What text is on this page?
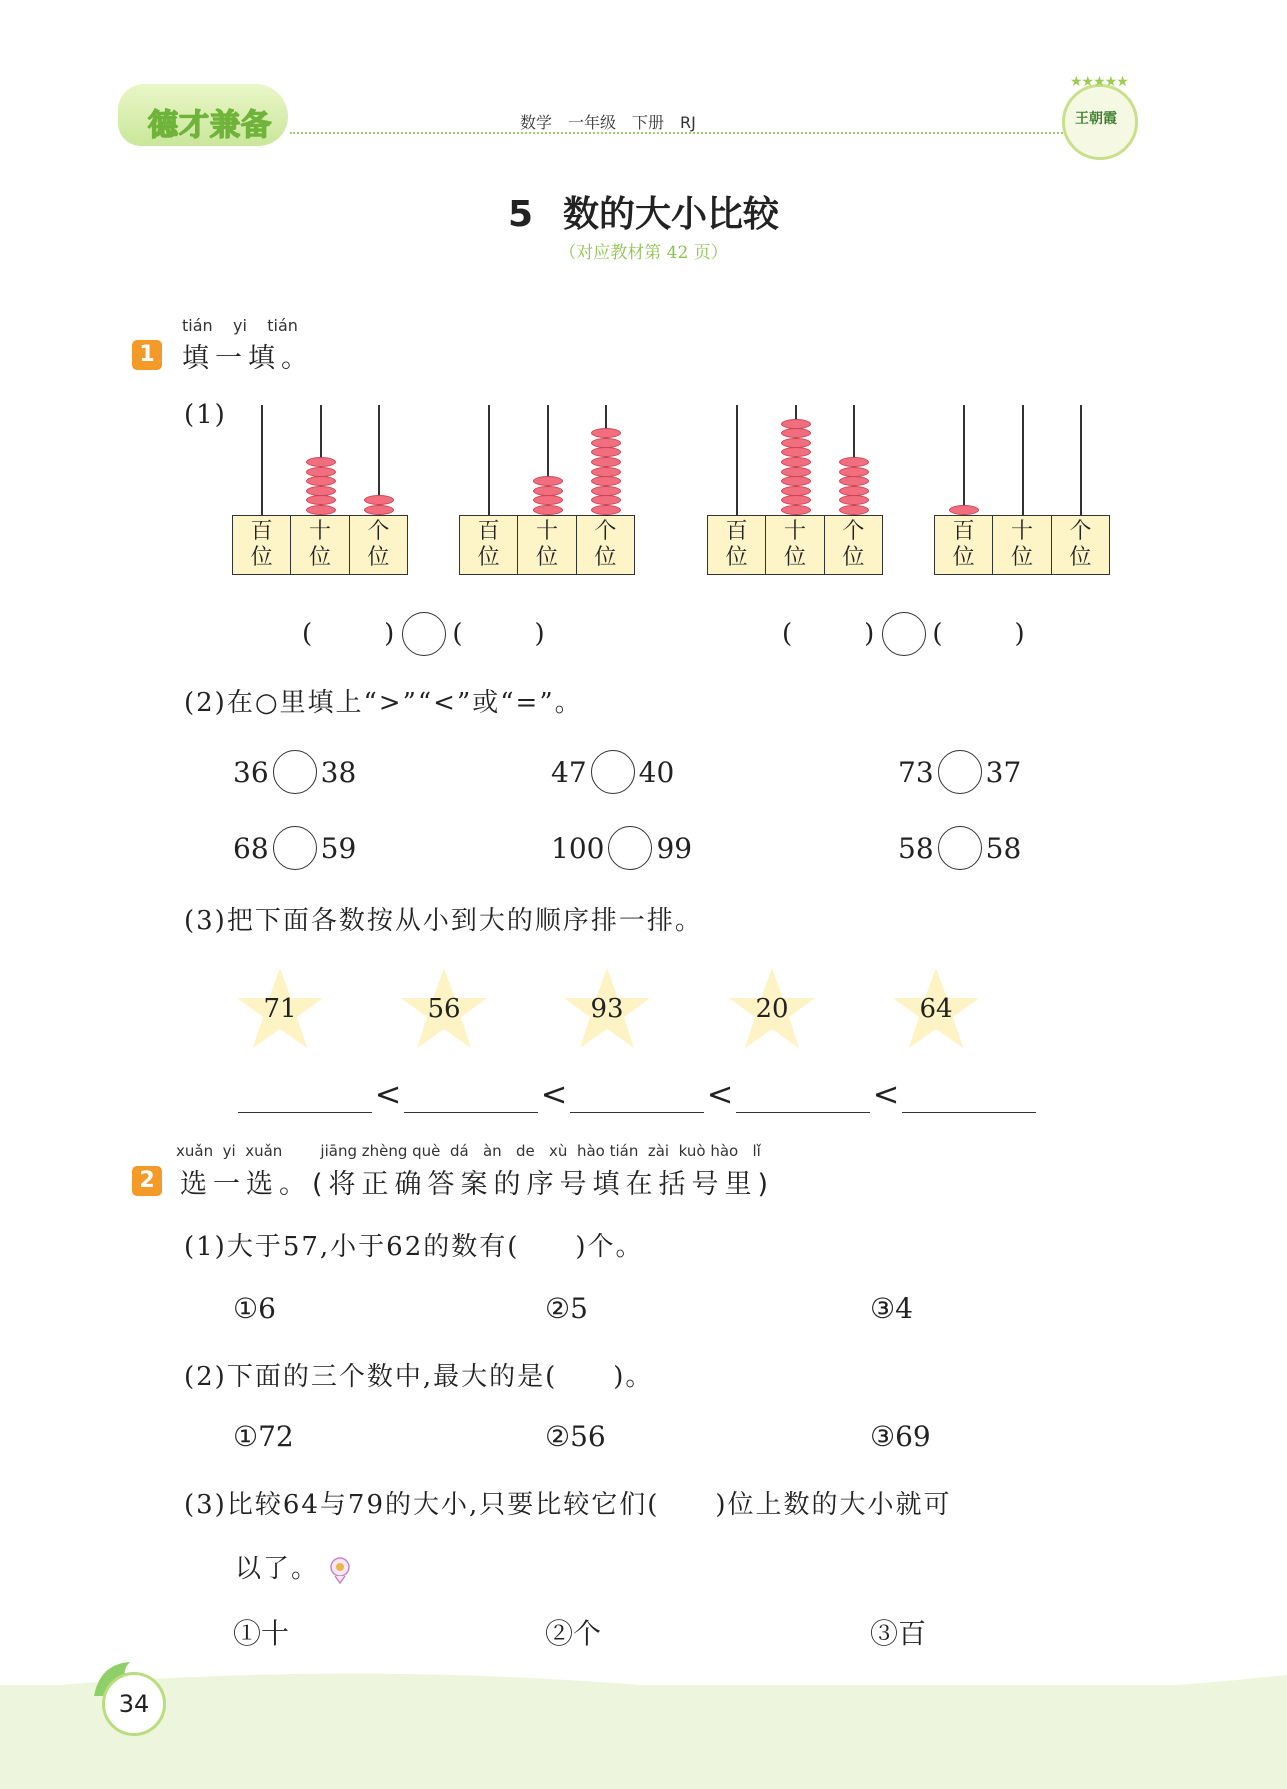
德才兼备	数学　一年级　下册　RJ
★★★★★
王朝霞
5 数的大小比较
（对应教材第 42 页）
tián yi tián
1 填一填。
(1)
百
位
十
位
个
位
百
位
十
位
个
位
百
位
十
位
个
位
百
位
十
位
个
位
(	) (	)	(	) (	)
(2)在○里填上“>”“<”或“=”。
36 38	47 40	73 37
68 59	100 99	58 58
(3)把下面各数按从小到大的顺序排一排。
71	56	93	20	64
<	<	<	<
xuǎn  yi  xuǎn        jiāng zhèng què  dá   àn   de   xù  hào tián  zài  kuò hào   lǐ
2 选一选。(将正确答案的序号填在括号里)
(1)大于57,小于62的数有(　　)个。
①6	②5	③4
(2)下面的三个数中,最大的是(　　)。
①72	②56	③69
(3)比较64与79的大小,只要比较它们(　　)位上数的大小就可
以了。
①十	②个	③百
34
